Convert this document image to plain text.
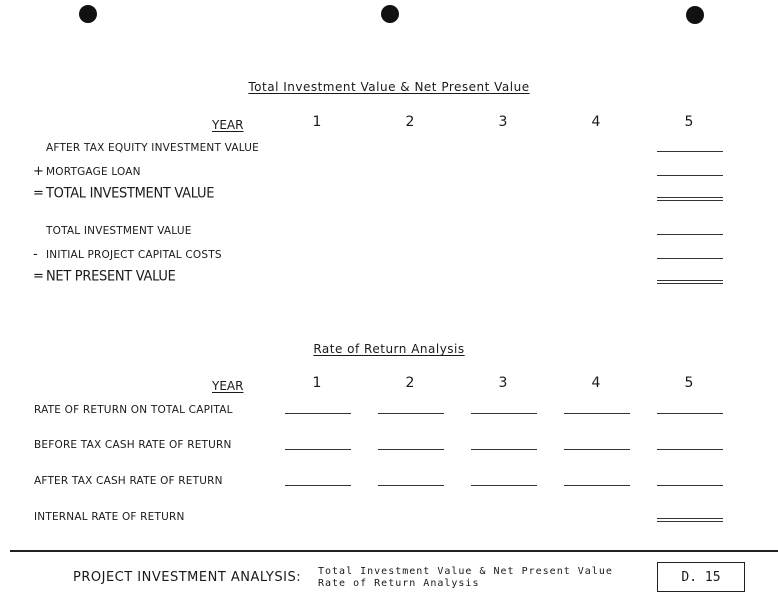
Total Investment Value & Net Present Value
YEAR	1	2	3	4	5
AFTER TAX EQUITY INVESTMENT VALUE
+ MORTGAGE LOAN
= TOTAL INVESTMENT VALUE
TOTAL INVESTMENT VALUE
- INITIAL PROJECT CAPITAL COSTS
= NET PRESENT VALUE
Rate of Return Analysis
YEAR	1	2	3	4	5
RATE OF RETURN ON TOTAL CAPITAL
BEFORE TAX CASH RATE OF RETURN
AFTER TAX CASH RATE OF RETURN
INTERNAL RATE OF RETURN
PROJECT INVESTMENT ANALYSIS: Total Investment Value & Net Present Value
Rate of Return Analysis	D. 15
